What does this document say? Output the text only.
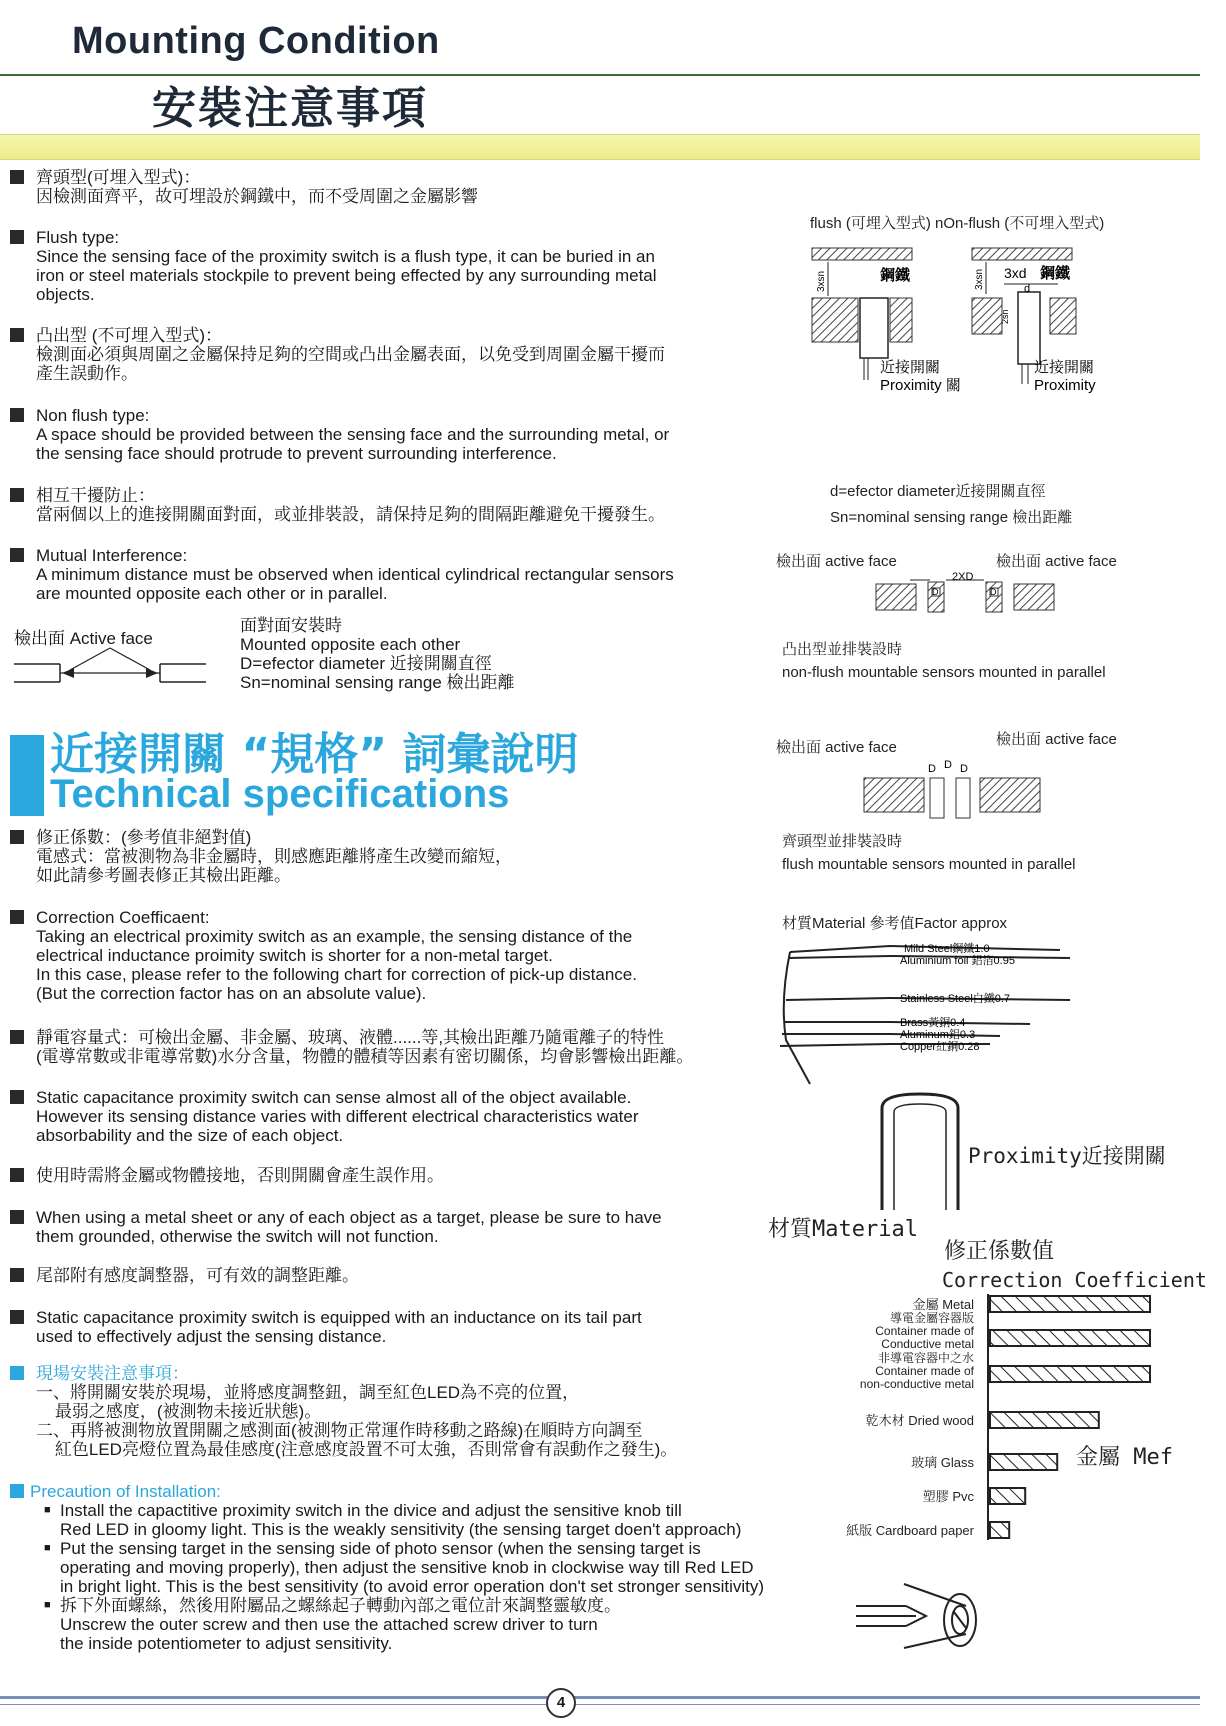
Mounting Condition
安裝注意事項

齊頭型(可埋入型式)：

因檢測面齊平，故可埋設於鋼鐵中，而不受周圍之金屬影響

Flush type:

Since the sensing face of the proximity switch is a flush type, it can be buried in an

iron or steel materials stockpile to prevent being effected by any surrounding metal

objects.

凸出型 (不可埋入型式)：

檢測面必須與周圍之金屬保持足夠的空間或凸出金屬表面，以免受到周圍金屬干擾而

產生誤動作。

Non flush type:

A space should be provided between the sensing face and the surrounding metal, or

the sensing face should protrude to prevent surrounding interference.

相互干擾防止：

當兩個以上的進接開關面對面，或並排裝設，請保持足夠的間隔距離避免干擾發生。

Mutual Interference:

A minimum distance must be observed when identical cylindrical rectangular sensors

are mounted opposite each other or in parallel.

檢出面 Active face

面對面安裝時

Mounted opposite each other

D=efector diameter 近接開關直徑

Sn=nominal sensing range 檢出距離

近接開關 “規格” 詞彙說明
Technical specifications

修正係數：(參考值非絕對值)

電感式：當被測物為非金屬時，則感應距離將產生改變而縮短，

如此請參考圖表修正其檢出距離。

Correction Coefficaent:

Taking an electrical proximity switch as an example, the sensing distance of the

electrical inductance proimity switch is shorter for a non-metal target.

In this case, please refer to the following chart for correction of pick-up distance.

(But the correction factor has on an absolute value).

靜電容量式：可檢出金屬、非金屬、玻璃、液體......等,其檢出距離乃隨電離子的特性

(電導常數或非電導常數)水分含量，物體的體積等因素有密切關係，均會影響檢出距離。

Static capacitance proximity switch can sense almost all of the object available.

However its sensing distance varies with different electrical characteristics water

absorbability and the size of each object.

使用時需將金屬或物體接地，否則開關會產生誤作用。

When using a metal sheet or any of each object as a target, please be sure to have

them grounded, otherwise the switch will not function.

尾部附有感度調整器，可有效的調整距離。

Static capacitance proximity switch is equipped with an inductance on its tail part

used to effectively adjust the sensing distance.

現場安裝注意事項：

一、將開關安裝於現場，並將感度調整鈕，調至紅色LED為不亮的位置，

最弱之感度，(被測物未接近狀態)。

二、再將被測物放置開關之感測面(被測物正常運作時移動之路線)在順時方向調至

紅色LED亮燈位置為最佳感度(注意感度設置不可太強，否則常會有誤動作之發生)。

Precaution of Installation:

■ Install the capactitive proximity switch in the divice and adjust the sensitive knob till

Red LED in gloomy light. This is the weakly sensitivity (the sensing target doen't approach)

■ Put the sensing target in the sensing side of photo sensor (when the sensing target is

operating and moving properly), then adjust the sensitive knob in clockwise way till Red LED

in bright light. This is the best sensitivity (to avoid error operation don't set stronger sensitivity)

■ 拆下外面螺絲，然後用附屬品之螺絲起子轉動內部之電位計來調整靈敏度。

Unscrew the outer screw and then use the attached screw driver to turn

the inside potentiometer to adjust sensitivity.

flush (可埋入型式) nOn-flush (不可埋入型式)
3xsn	鋼鐵
近接開關
Proximity 關
3xsn 3xd 鋼鐵
2sn
d
近接開關
Proximity
d=efector diameter近接開關直徑
Sn=nominal sensing range 檢出距離
檢出面 active face	檢出面 active face
2XD
D	D
凸出型並排裝設時
non-flush mountable sensors mounted in parallel
檢出面 active face	檢出面 active face
D D D
齊頭型並排裝設時
flush mountable sensors mounted in parallel
材質Material 參考值Factor approx
Mild Steel鋼鐵1.0
Aluminium foil 鋁箔0.95
Stainless Steel白鐵0.7
Brass黃銅0.4
Aluminum鋁0.3
Copper紅銅0.28
Proximity近接開關
材質Material
修正係數值
Correction Coefficient
金屬 Metal
導電金屬容器版
Container made of
Conductive metal
非導電容器中之水
Container made of
non-conductive metal
乾木材 Dried wood
玻璃 Glass
塑膠 Pvc
紙版 Cardboard paper
金屬 Mef
4
